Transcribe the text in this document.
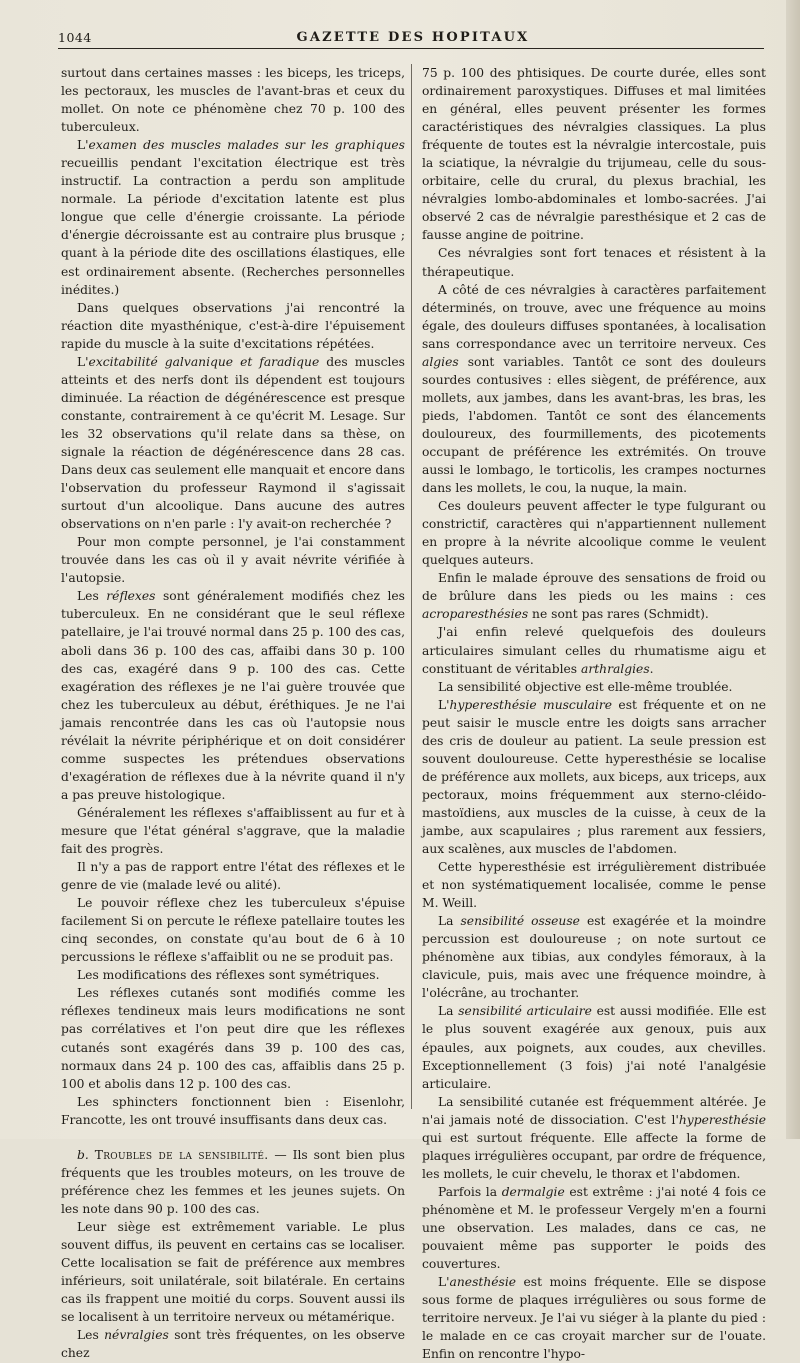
1044	GAZETTE DES HOPITAUX

surtout dans certaines masses : les biceps, les triceps, les pectoraux, les muscles de l'avant-bras et ceux du mollet. On note ce phénomène chez 70 p. 100 des tuberculeux.

L'examen des muscles malades sur les graphiques recueillis pendant l'excitation électrique est très instructif. La contraction a perdu son amplitude normale. La période d'excitation latente est plus longue que celle d'énergie croissante. La période d'énergie décroissante est au contraire plus brusque ; quant à la période dite des oscillations élastiques, elle est ordinairement absente. (Recherches personnelles inédites.)

Dans quelques observations j'ai rencontré la réaction dite myasthénique, c'est-à-dire l'épuisement rapide du muscle à la suite d'excitations répétées.

L'excitabilité galvanique et faradique des muscles atteints et des nerfs dont ils dépendent est toujours diminuée. La réaction de dégénérescence est presque constante, contrairement à ce qu'écrit M. Lesage. Sur les 32 observations qu'il relate dans sa thèse, on signale la réaction de dégénérescence dans 28 cas. Dans deux cas seulement elle manquait et encore dans l'observation du professeur Raymond il s'agissait surtout d'un alcoolique. Dans aucune des autres observations on n'en parle : l'y avait-on recherchée ?

Pour mon compte personnel, je l'ai constamment trouvée dans les cas où il y avait névrite vérifiée à l'autopsie.

Les réflexes sont généralement modifiés chez les tuberculeux. En ne considérant que le seul réflexe patellaire, je l'ai trouvé normal dans 25 p. 100 des cas, aboli dans 36 p. 100 des cas, affaibi dans 30 p. 100 des cas, exagéré dans 9 p. 100 des cas. Cette exagération des réflexes je ne l'ai guère trouvée que chez les tuberculeux au début, éréthiques. Je ne l'ai jamais rencontrée dans les cas où l'autopsie nous révélait la névrite périphérique et on doit considérer comme suspectes les prétendues observations d'exagération de réflexes due à la névrite quand il n'y a pas preuve histologique.

Généralement les réflexes s'affaiblissent au fur et à mesure que l'état général s'aggrave, que la maladie fait des progrès.

Il n'y a pas de rapport entre l'état des réflexes et le genre de vie (malade levé ou alité).

Le pouvoir réflexe chez les tuberculeux s'épuise facilement Si on percute le réflexe patellaire toutes les cinq secondes, on constate qu'au bout de 6 à 10 percussions le réflexe s'affaiblit ou ne se produit pas.

Les modifications des réflexes sont symétriques.

Les réflexes cutanés sont modifiés comme les réflexes tendineux mais leurs modifications ne sont pas corrélatives et l'on peut dire que les réflexes cutanés sont exagérés dans 39 p. 100 des cas, normaux dans 24 p. 100 des cas, affaiblis dans 25 p. 100 et abolis dans 12 p. 100 des cas.

Les sphincters fonctionnent bien : Eisenlohr, Francotte, les ont trouvé insuffisants dans deux cas.

b. Troubles de la sensibilité. — Ils sont bien plus fréquents que les troubles moteurs, on les trouve de préférence chez les femmes et les jeunes sujets. On les note dans 90 p. 100 des cas.

Leur siège est extrêmement variable. Le plus souvent diffus, ils peuvent en certains cas se localiser. Cette localisation se fait de préférence aux membres inférieurs, soit unilatérale, soit bilatérale. En certains cas ils frappent une moitié du corps. Souvent aussi ils se localisent à un territoire nerveux ou métamérique.

Les névralgies sont très fréquentes, on les observe chez

75 p. 100 des phtisiques. De courte durée, elles sont ordinairement paroxystiques. Diffuses et mal limitées en général, elles peuvent présenter les formes caractéristiques des névralgies classiques. La plus fréquente de toutes est la névralgie intercostale, puis la sciatique, la névralgie du trijumeau, celle du sous-orbitaire, celle du crural, du plexus brachial, les névralgies lombo-abdominales et lombo-sacrées. J'ai observé 2 cas de névralgie paresthésique et 2 cas de fausse angine de poitrine.

Ces névralgies sont fort tenaces et résistent à la thérapeutique.

A côté de ces névralgies à caractères parfaitement déterminés, on trouve, avec une fréquence au moins égale, des douleurs diffuses spontanées, à localisation sans correspondance avec un territoire nerveux. Ces algies sont variables. Tantôt ce sont des douleurs sourdes contusives : elles siègent, de préférence, aux mollets, aux jambes, dans les avant-bras, les bras, les pieds, l'abdomen. Tantôt ce sont des élancements douloureux, des fourmillements, des picotements occupant de préférence les extrémités. On trouve aussi le lombago, le torticolis, les crampes nocturnes dans les mollets, le cou, la nuque, la main.

Ces douleurs peuvent affecter le type fulgurant ou constrictif, caractères qui n'appartiennent nullement en propre à la névrite alcoolique comme le veulent quelques auteurs.

Enfin le malade éprouve des sensations de froid ou de brûlure dans les pieds ou les mains : ces acroparesthésies ne sont pas rares (Schmidt).

J'ai enfin relevé quelquefois des douleurs articulaires simulant celles du rhumatisme aigu et constituant de véritables arthralgies.

La sensibilité objective est elle-même troublée.

L'hyperesthésie musculaire est fréquente et on ne peut saisir le muscle entre les doigts sans arracher des cris de douleur au patient. La seule pression est souvent douloureuse. Cette hyperesthésie se localise de préférence aux mollets, aux biceps, aux triceps, aux pectoraux, moins fréquemment aux sterno-cléido-mastoïdiens, aux muscles de la cuisse, à ceux de la jambe, aux scapulaires ; plus rarement aux fessiers, aux scalènes, aux muscles de l'abdomen.

Cette hyperesthésie est irrégulièrement distribuée et non systématiquement localisée, comme le pense M. Weill.

La sensibilité osseuse est exagérée et la moindre percussion est douloureuse ; on note surtout ce phénomène aux tibias, aux condyles fémoraux, à la clavicule, puis, mais avec une fréquence moindre, à l'olécrâne, au trochanter.

La sensibilité articulaire est aussi modifiée. Elle est le plus souvent exagérée aux genoux, puis aux épaules, aux poignets, aux coudes, aux chevilles. Exceptionnellement (3 fois) j'ai noté l'analgésie articulaire.

La sensibilité cutanée est fréquemment altérée. Je n'ai jamais noté de dissociation. C'est l'hyperesthésie qui est surtout fréquente. Elle affecte la forme de plaques irrégulières occupant, par ordre de fréquence, les mollets, le cuir chevelu, le thorax et l'abdomen.

Parfois la dermalgie est extrême : j'ai noté 4 fois ce phénomène et M. le professeur Vergely m'en a fourni une observation. Les malades, dans ce cas, ne pouvaient même pas supporter le poids des couvertures.

L'anesthésie est moins fréquente. Elle se dispose sous forme de plaques irrégulières ou sous forme de territoire nerveux. Je l'ai vu siéger à la plante du pied : le malade en ce cas croyait marcher sur de l'ouate. Enfin on rencontre l'hypo-
